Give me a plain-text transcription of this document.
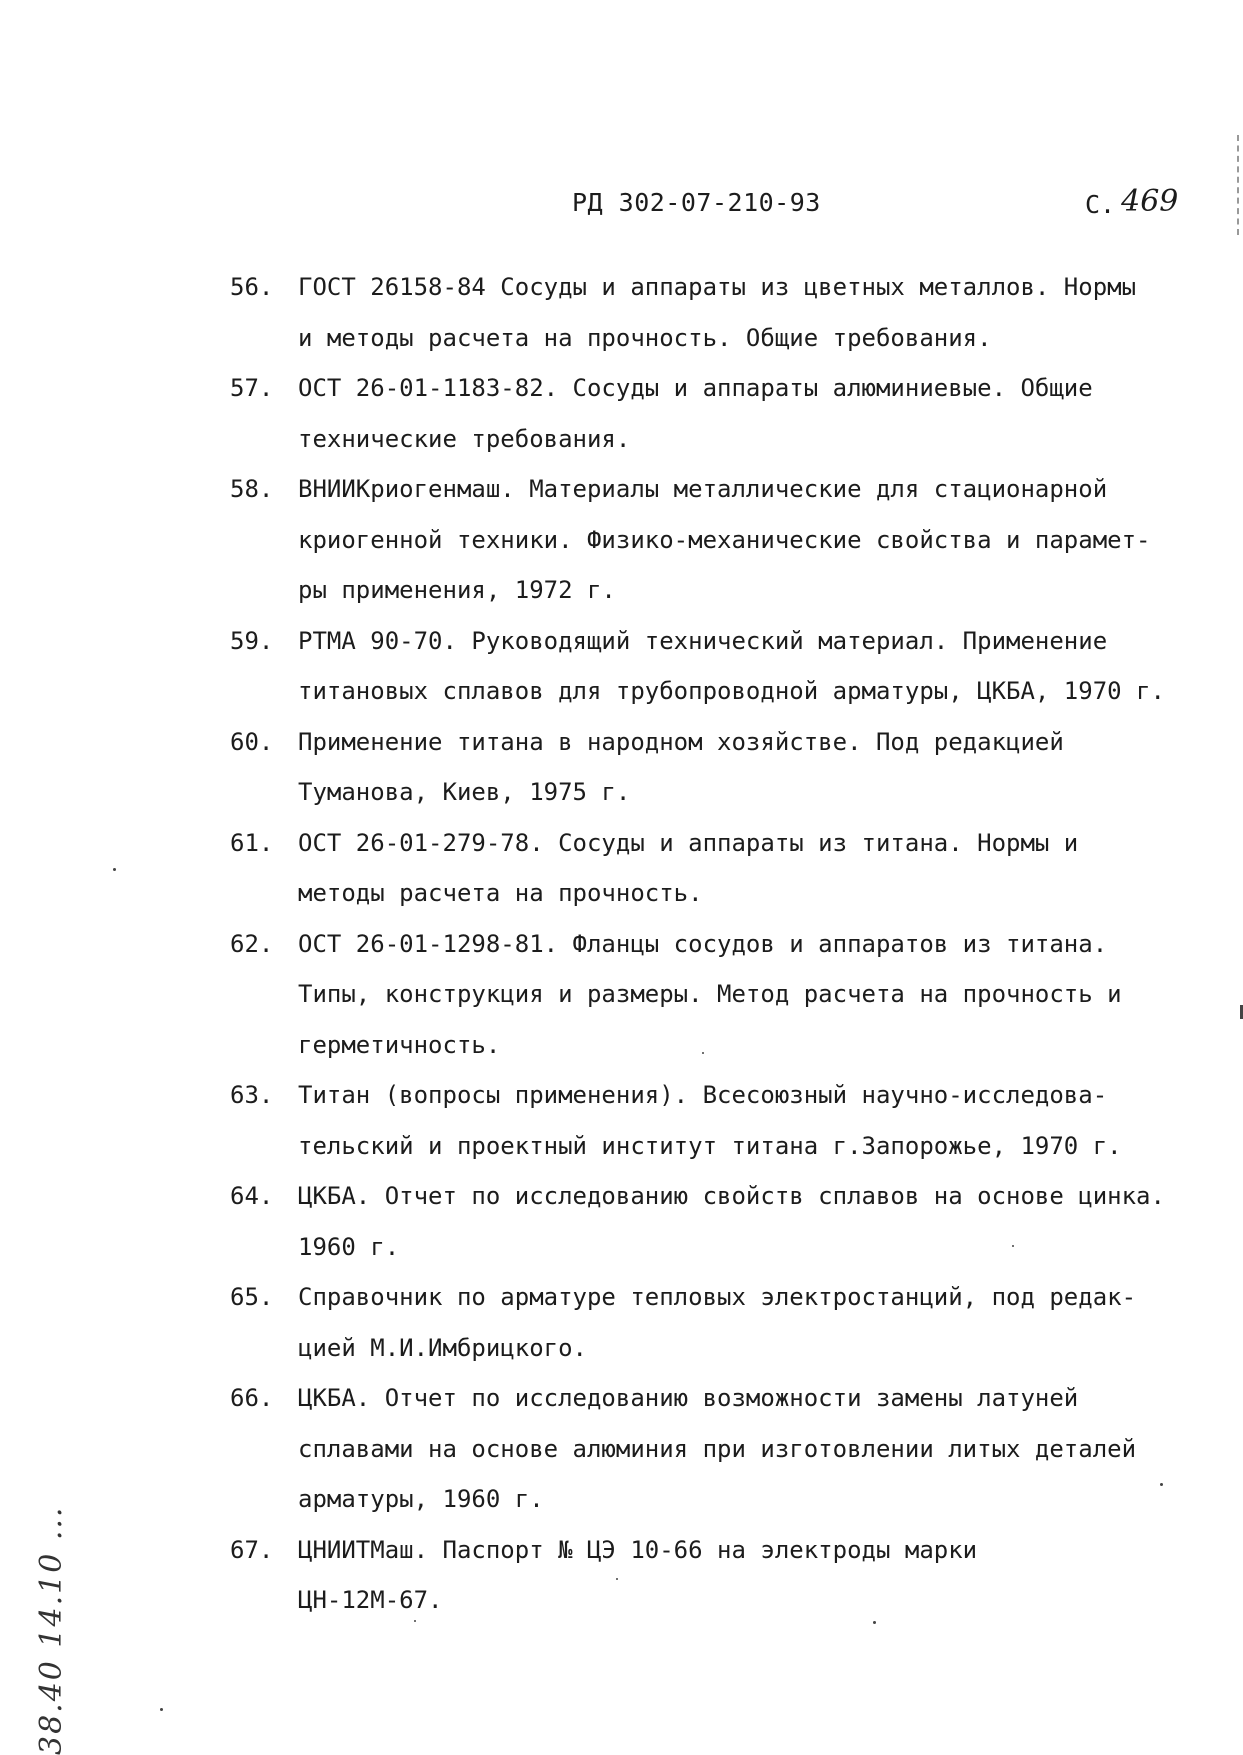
РД 302-07-210-93	С. 469
56.	ГОСТ 26158-84 Сосуды и аппараты из цветных металлов. Нормы
и методы расчета на прочность. Общие требования.
57.	ОСТ 26-01-1183-82. Сосуды и аппараты алюминиевые. Общие
технические требования.
58.	ВНИИКриогенмаш. Материалы металлические для стационарной
криогенной техники. Физико-механические свойства и парамет-
ры применения, 1972 г.
59.	РТМА 90-70. Руководящий технический материал. Применение
титановых сплавов для трубопроводной арматуры, ЦКБА, 1970 г.
60.	Применение титана в народном хозяйстве. Под редакцией
Туманова, Киев, 1975 г.
61.	ОСТ 26-01-279-78. Сосуды и аппараты из титана. Нормы и
методы расчета на прочность.
62.	ОСТ 26-01-1298-81. Фланцы сосудов и аппаратов из титана.
Типы, конструкция и размеры. Метод расчета на прочность и
герметичность.
63.	Титан (вопросы применения). Всесоюзный научно-исследова-
тельский и проектный институт титана г.Запорожье, 1970 г.
64.	ЦКБА. Отчет по исследованию свойств сплавов на основе цинка.
1960 г.
65.	Справочник по арматуре тепловых электростанций, под редак-
цией М.И.Имбрицкого.
66.	ЦКБА. Отчет по исследованию возможности замены латуней
сплавами на основе алюминия при изготовлении литых деталей
арматуры, 1960 г.
67.	ЦНИИТМаш. Паспорт № ЦЭ 10-66 на электроды марки
ЦН-12М-67.
38.40 14.10 ...
